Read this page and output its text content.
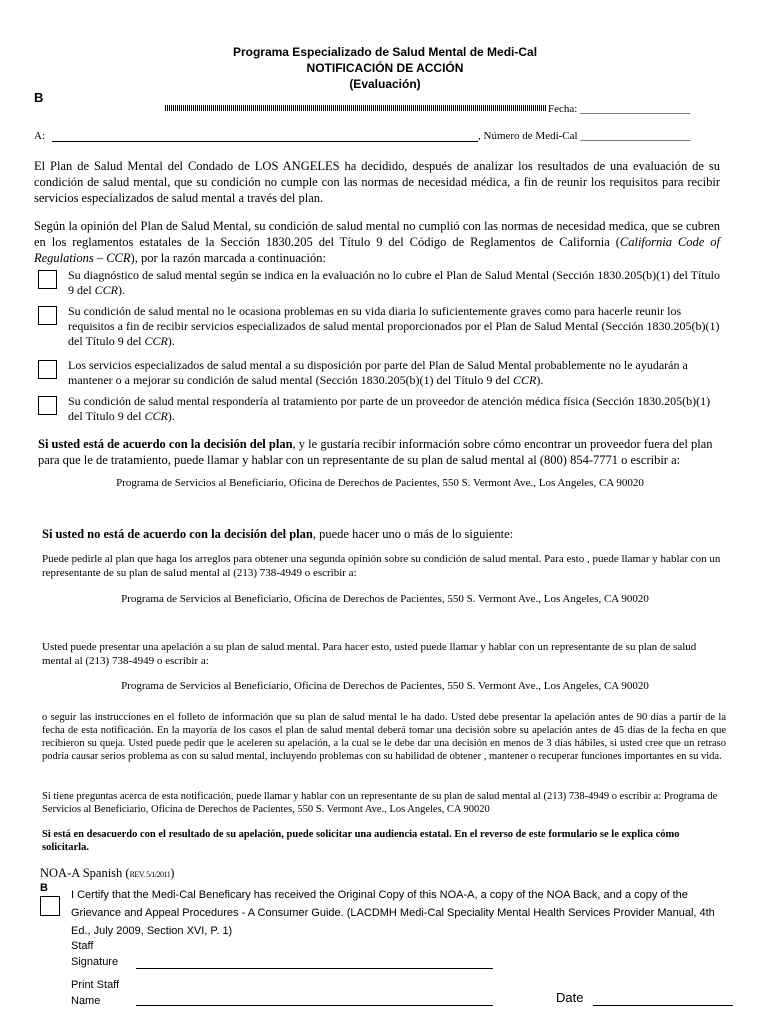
Programa Especializado de Salud Mental de Medi-Cal
NOTIFICACIÓN DE ACCIÓN
(Evaluación)
B
Fecha: ____________________
A:	, Número de Medi-Cal ____________________
El Plan de Salud Mental del Condado de LOS ANGELES ha decidido, después de analizar los resultados de una evaluación de su condición de salud mental, que su condición no cumple con las normas de necesidad médica, a fin de reunir los requisitos para recibir servicios especializados de salud mental a través del plan.
Según la opinión del Plan de Salud Mental, su condición de salud mental no cumplió con las normas de necesidad medica, que se cubren en los reglamentos estatales de la Sección 1830.205 del Título 9 del Código de Reglamentos de California (California Code of Regulations – CCR), por la razón marcada a continuación:
Su diagnóstico de salud mental según se indica en la evaluación no lo cubre el Plan de Salud Mental (Sección 1830.205(b)(1) del Título 9 del CCR).
Su condición de salud mental no le ocasiona problemas en su vida diaria lo suficientemente graves como para hacerle reunir los requisitos a fin de recibir servicios especializados de salud mental proporcionados por el Plan de Salud Mental (Sección 1830.205(b)(1) del Título 9 del CCR).
Los servicios especializados de salud mental a su disposición por parte del Plan de Salud Mental probablemente no le ayudarán a mantener o a mejorar su condición de salud mental (Sección 1830.205(b)(1) del Título 9 del CCR).
Su condición de salud mental respondería al tratamiento por parte de un proveedor de atención médica física (Sección 1830.205(b)(1) del Título 9 del CCR).
Si usted está de acuerdo con la decisión del plan, y le gustaría recibir información sobre cómo encontrar un proveedor fuera del plan para que le de tratamiento, puede llamar y hablar con un representante de su plan de salud mental al (800) 854-7771 o escribir a:
Programa de Servicios al Beneficiario, Oficina de Derechos de Pacientes, 550 S. Vermont Ave., Los Angeles, CA 90020
Si usted no está de acuerdo con la decisión del plan, puede hacer uno o más de lo siguiente:
Puede pedirle al plan que haga los arreglos para obtener una segunda opinión sobre su condición de salud mental. Para esto , puede llamar y hablar con un representante de su plan de salud mental al (213) 738-4949 o escribir a:
Programa de Servicios al Beneficiario, Oficina de Derechos de Pacientes, 550 S. Vermont Ave., Los Angeles, CA 90020
Usted puede presentar una apelación a su plan de salud mental. Para hacer esto, usted puede llamar y hablar con un representante de su plan de salud mental al (213) 738-4949 o escribir a:
Programa de Servicios al Beneficiario, Oficina de Derechos de Pacientes, 550 S. Vermont Ave., Los Angeles, CA 90020
o seguir las instrucciones en el folleto de información que su plan de salud mental le ha dado. Usted debe presentar la apelación antes de 90 días a partir de la fecha de esta notificación. En la mayoría de los casos el plan de salud mental deberá tomar una decisión sobre su apelación antes de 45 días de la fecha en que recibieron su queja. Usted puede pedir que le aceleren su apelación, a la cual se le debe dar una decisión en menos de 3 días hábiles, si usted cree que un retraso podría causar serios problema as con su salud mental, incluyendo problemas con su habilidad de obtener , mantener o recuperar funciones importantes en su vida.
Si tiene preguntas acerca de esta notificación, puede llamar y hablar con un representante de su plan de salud mental al (213) 738-4949 o escribir a: Programa de Servicios al Beneficiario, Oficina de Derechos de Pacientes, 550 S. Vermont Ave., Los Angeles, CA 90020
Si está en desacuerdo con el resultado de su apelación, puede solicitar una audiencia estatal. En el reverso de este formulario se le explica cómo solicitarla.
NOA-A Spanish (REV. 5/1/2011)
B
I Certify that the Medi-Cal Beneficary has received the Original Copy of this NOA-A, a copy of the NOA Back, and a copy of the Grievance and Appeal Procedures - A Consumer Guide. (LACDMH Medi-Cal Speciality Mental Health Services Provider Manual, 4th Ed., July 2009, Section XVI, P. 1)
Staff
Signature
Print Staff
Name	Date
